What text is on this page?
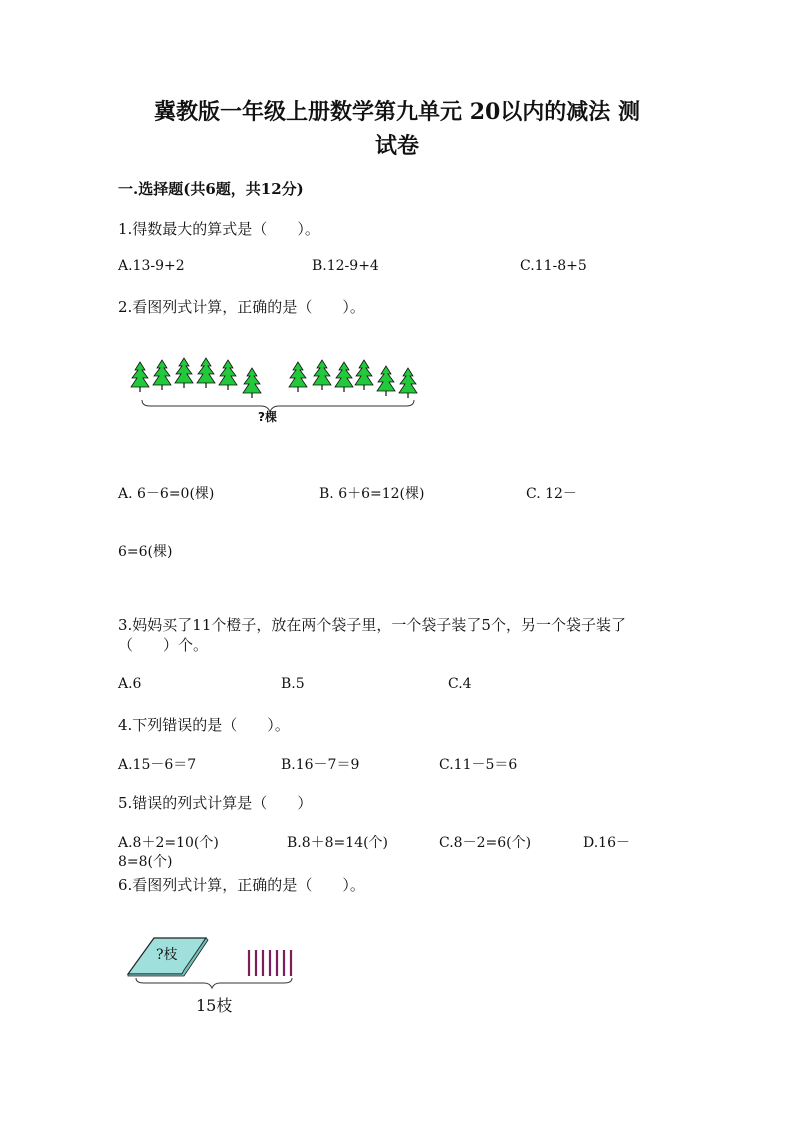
冀教版一年级上册数学第九单元 20以内的减法 测
试卷
一.选择题(共6题，共12分)
1.得数最大的算式是（　　）。
A.13-9+2	B.12-9+4	C.11-8+5
2.看图列式计算，正确的是（　　）。
?棵
A. 6－6=0(棵)	B. 6＋6=12(棵)	C. 12－
6=6(棵)
3.妈妈买了11个橙子，放在两个袋子里，一个袋子装了5个，另一个袋子装了
（　　）个。
A.6	B.5	C.4
4.下列错误的是（　　）。
A.15－6＝7	B.16－7＝9	C.11－5＝6
5.错误的列式计算是（　　）
A.8＋2=10(个)	B.8＋8=14(个)	C.8－2=6(个)	D.16－
8=8(个)
6.看图列式计算，正确的是（　　）。
?枝
15枝
